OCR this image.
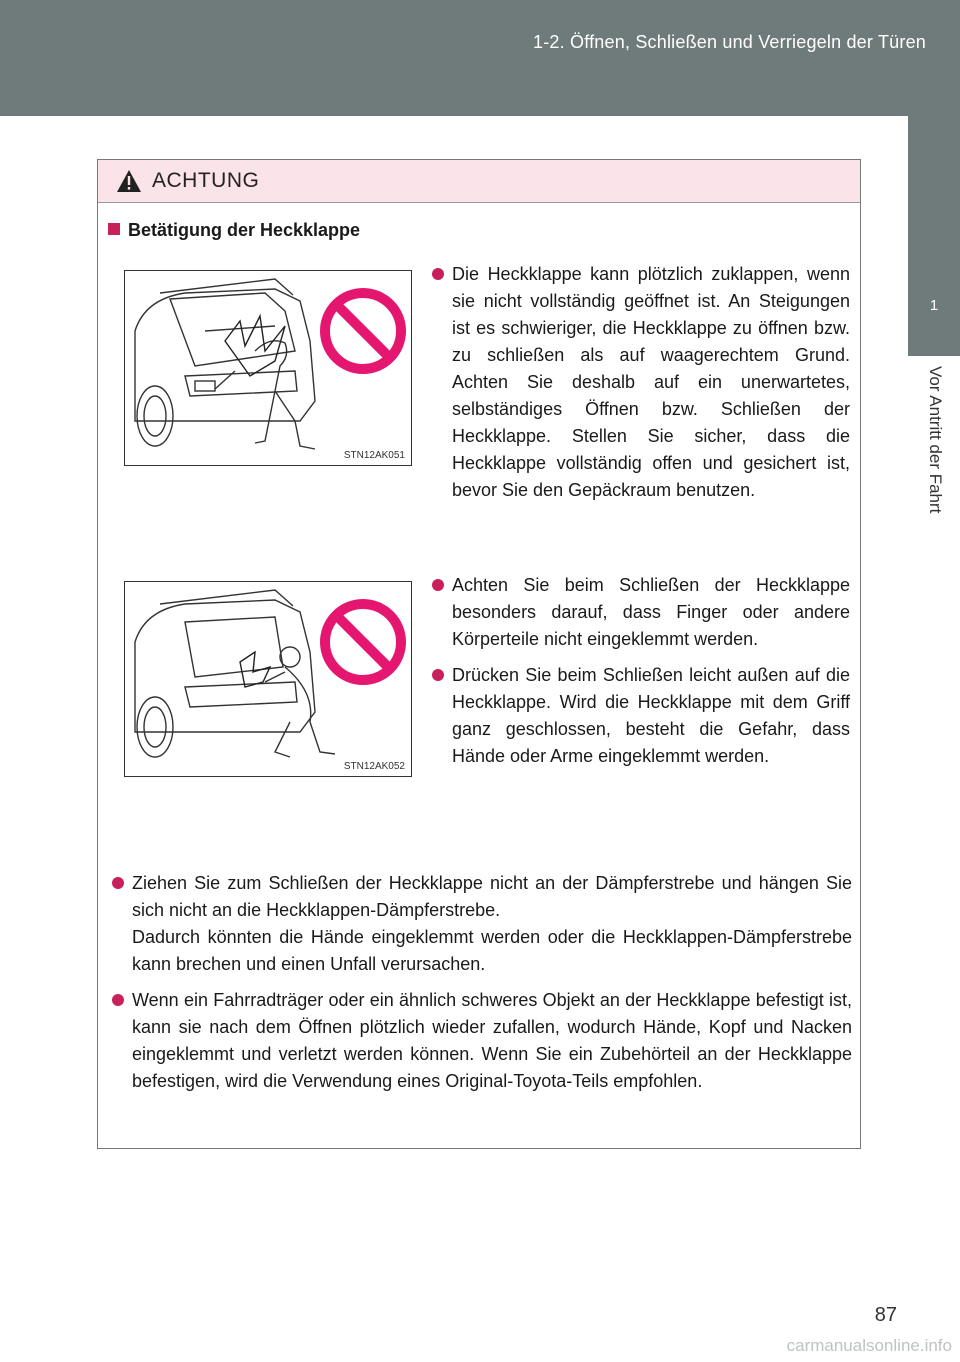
1-2. Öffnen, Schließen und Verriegeln der Türen
1
Vor Antritt der Fahrt
ACHTUNG
Betätigung der Heckklappe
STN12AK051
STN12AK052
Die Heckklappe kann plötzlich zuklappen, wenn sie nicht vollständig geöffnet ist. An Steigungen ist es schwieriger, die Heckklappe zu öffnen bzw. zu schließen als auf waagerechtem Grund. Achten Sie deshalb auf ein unerwartetes, selbständiges Öffnen bzw. Schließen der Heckklappe. Stellen Sie sicher, dass die Heckklappe vollständig offen und gesichert ist, bevor Sie den Gepäckraum benutzen.
Achten Sie beim Schließen der Heckklappe besonders darauf, dass Finger oder andere Körperteile nicht eingeklemmt werden.
Drücken Sie beim Schließen leicht außen auf die Heckklappe. Wird die Heckklappe mit dem Griff ganz geschlossen, besteht die Gefahr, dass Hände oder Arme eingeklemmt werden.
Ziehen Sie zum Schließen der Heckklappe nicht an der Dämpferstrebe und hängen Sie sich nicht an die Heckklappen-Dämpferstrebe.
Dadurch könnten die Hände eingeklemmt werden oder die Heckklappen-Dämpferstrebe kann brechen und einen Unfall verursachen.
Wenn ein Fahrradträger oder ein ähnlich schweres Objekt an der Heckklappe befestigt ist, kann sie nach dem Öffnen plötzlich wieder zufallen, wodurch Hände, Kopf und Nacken eingeklemmt und verletzt werden können. Wenn Sie ein Zubehörteil an der Heckklappe befestigen, wird die Verwendung eines Original-Toyota-Teils empfohlen.
87
carmanualsonline.info
